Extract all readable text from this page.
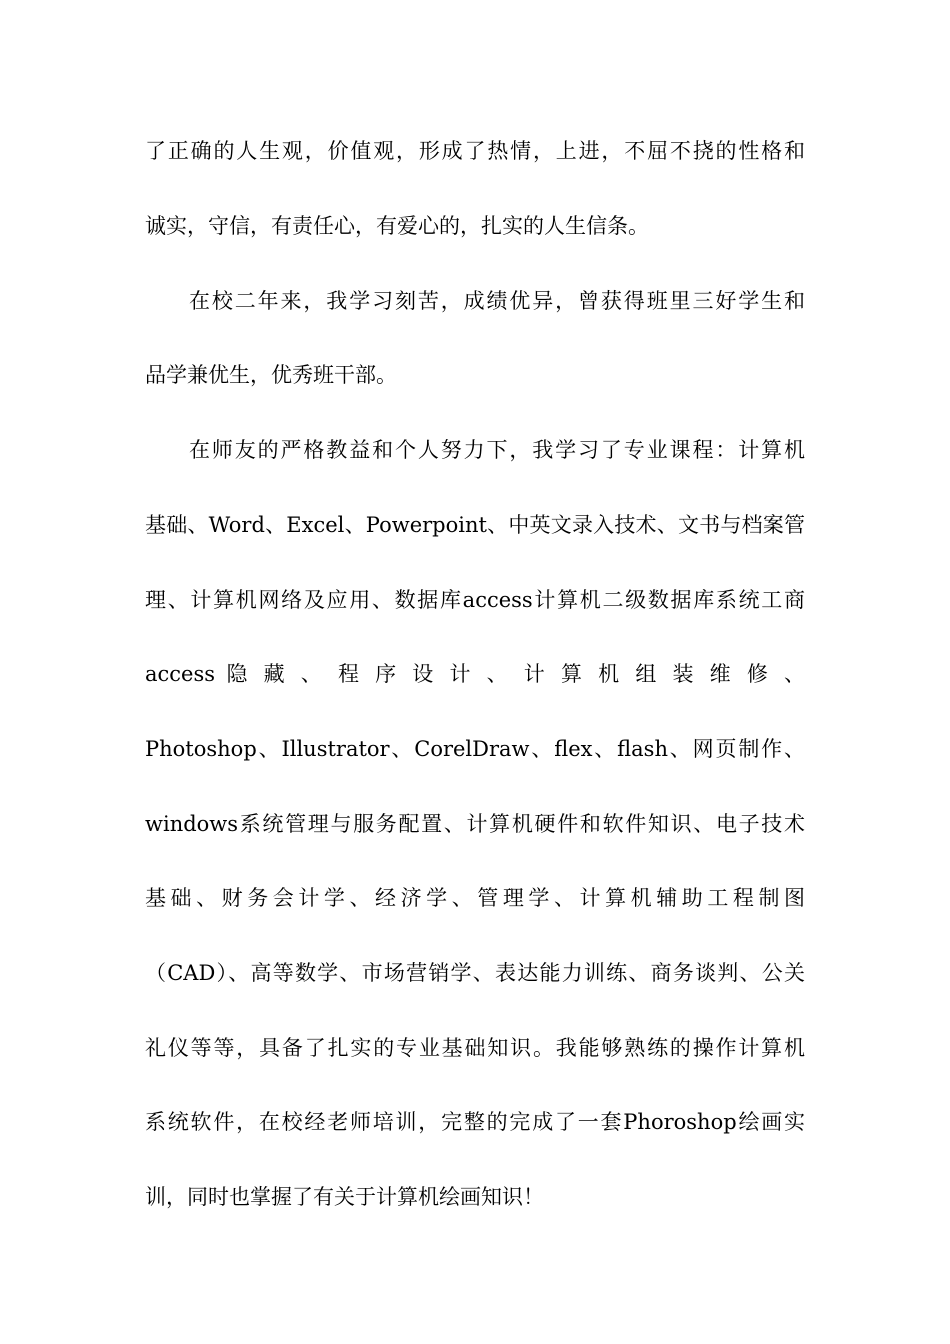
了正确的人生观，价值观，形成了热情，上进，不屈不挠的性格和
诚实，守信，有责任心，有爱心的，扎实的人生信条。
在校二年来，我学习刻苦，成绩优异，曾获得班里三好学生和
品学兼优生，优秀班干部。
在师友的严格教益和个人努力下，我学习了专业课程：计算机
基础、Word、Excel、Powerpoint、中英文录入技术、文书与档案管
理、计算机网络及应用、数据库access计算机二级数据库系统工商
access 隐 藏 、 程 序 设 计 、 计 算 机 组 装 维 修 、
Photoshop、Illustrator、CorelDraw、flex、flash、网页制作、
windows系统管理与服务配置、计算机硬件和软件知识、电子技术
基础、财务会计学、经济学、管理学、计算机辅助工程制图
（CAD）、高等数学、市场营销学、表达能力训练、商务谈判、公关
礼仪等等，具备了扎实的专业基础知识。我能够熟练的操作计算机
系统软件，在校经老师培训，完整的完成了一套Phoroshop绘画实
训，同时也掌握了有关于计算机绘画知识！
